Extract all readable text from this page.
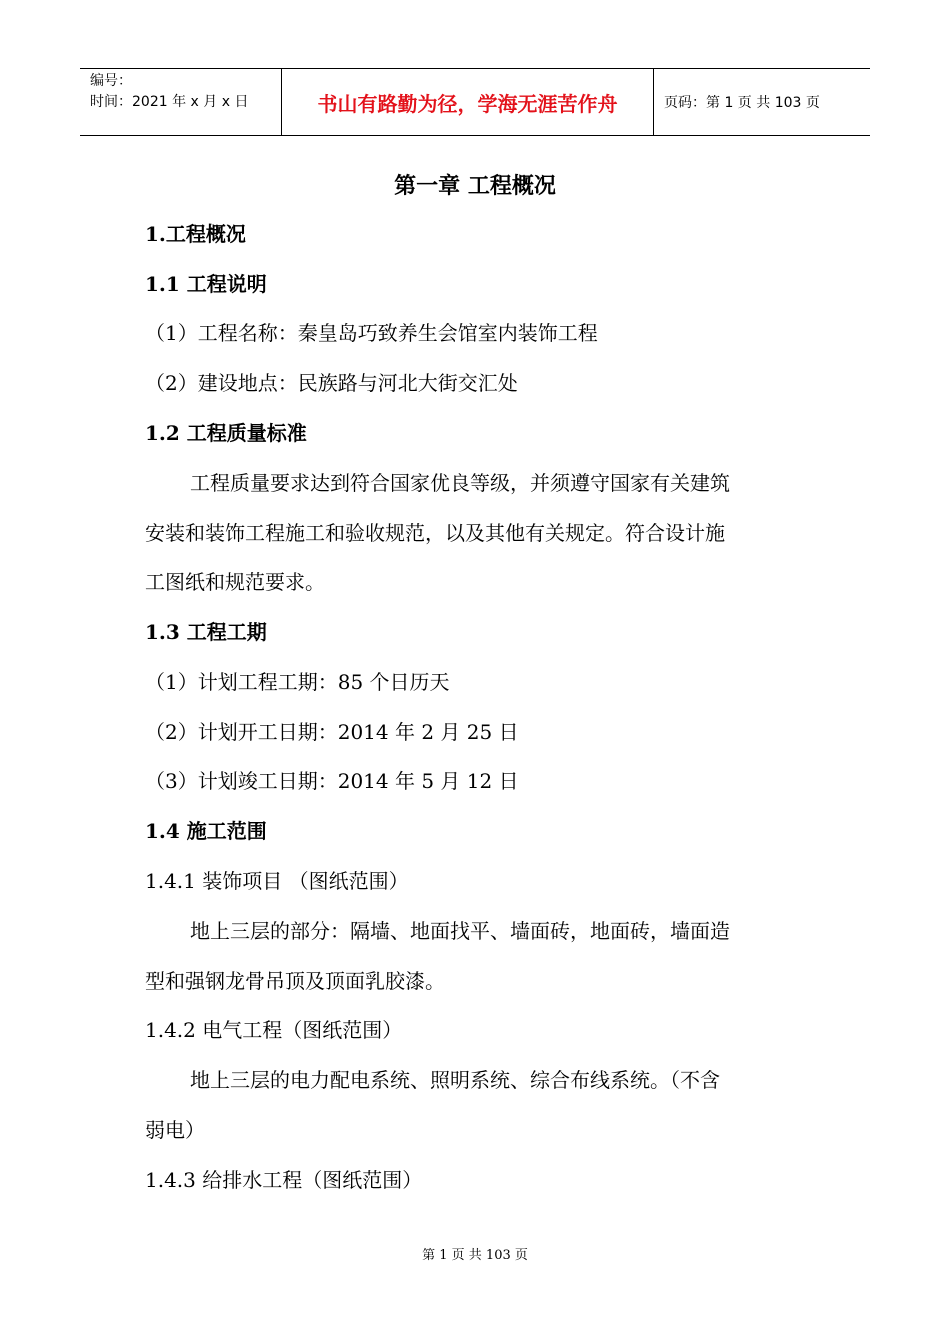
编号：
时间：2021 年 x 月 x 日	书山有路勤为径，学海无涯苦作舟	页码：第 1 页 共 103 页
第一章 工程概况
1.工程概况
1.1 工程说明
（1）工程名称：秦皇岛巧致养生会馆室内装饰工程
（2）建设地点：民族路与河北大街交汇处
1.2 工程质量标准
工程质量要求达到符合国家优良等级，并须遵守国家有关建筑
安装和装饰工程施工和验收规范，以及其他有关规定。符合设计施
工图纸和规范要求。
1.3 工程工期
（1）计划工程工期：85 个日历天
（2）计划开工日期：2014 年 2 月 25 日
（3）计划竣工日期：2014 年 5 月 12 日
1.4 施工范围
1.4.1 装饰项目 （图纸范围）
地上三层的部分：隔墙、地面找平、墙面砖，地面砖，墙面造
型和强钢龙骨吊顶及顶面乳胶漆。
1.4.2 电气工程（图纸范围）
地上三层的电力配电系统、照明系统、综合布线系统。（不含
弱电）
1.4.3 给排水工程（图纸范围）
第 1 页 共 103 页
